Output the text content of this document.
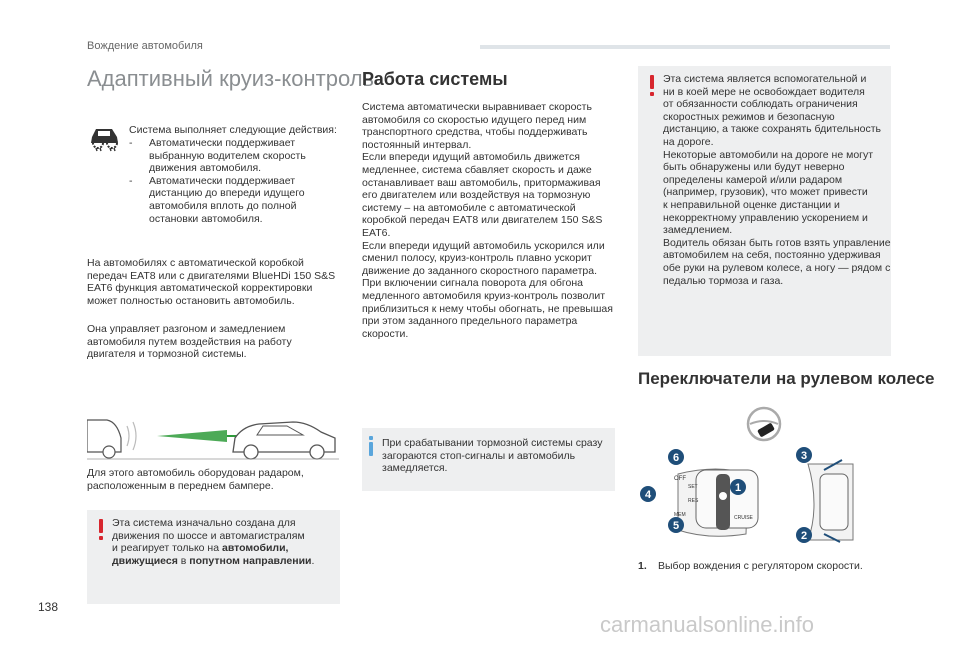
Вождение автомобиля
Адаптивный круиз-контроль
Система выполняет следующие действия:
-	Автоматически поддерживает выбранную водителем скорость движения автомобиля.
-	Автоматически поддерживает дистанцию до впереди идущего автомобиля вплоть до полной остановки автомобиля.
На автомобилях с автоматической коробкой
передач EAT8 или с двигателями BlueHDi 150 S&S
EAT6 функция автоматической корректировки
может полностью остановить автомобиль.
Она управляет разгоном и замедлением
автомобиля путем воздействия на работу
двигателя и тормозной системы.
Для этого автомобиль оборудован радаром,
расположенным в переднем бампере.
Эта система изначально создана для
движения по шоссе и автомагистралям
и реагирует только на автомобили,
движущиеся в попутном направлении.
Работа системы
Система автоматически выравнивает скорость
автомобиля со скоростью идущего перед ним
транспортного средства, чтобы поддерживать
постоянный интервал.
Если впереди идущий автомобиль движется
медленнее, система сбавляет скорость и даже
останавливает ваш автомобиль, притормаживая
его двигателем или воздействуя на тормозную
систему – на автомобиле с автоматической
коробкой передач EAT8 или двигателем 150 S&S
EAT6.
Если впереди идущий автомобиль ускорился или
сменил полосу, круиз-контроль плавно ускорит
движение до заданного скоростного параметра.
При включении сигнала поворота для обгона
медленного автомобиля круиз-контроль позволит
приблизиться к нему чтобы обогнать, не превышая
при этом заданного предельного параметра
скорости.
При срабатывании тормозной системы сразу
загораются стоп-сигналы и автомобиль
замедляется.
Эта система является вспомогательной и
ни в коей мере не освобождает водителя
от обязанности соблюдать ограничения
скоростных режимов и безопасную
дистанцию, а также сохранять бдительность
на дороге.
Некоторые автомобили на дороге не могут
быть обнаружены или будут неверно
определены камерой и/или радаром
(например, грузовик), что может привести
к неправильной оценке дистанции и
некорректному управлению ускорением и
замедлением.
Водитель обязан быть готов взять управление
автомобилем на себя, постоянно удерживая
обе руки на рулевом колесе, а ногу — рядом с
педалью тормоза и газа.
Переключатели на рулевом колесе
OFF
SET
RES
MEM	CRUISE
6
4
5
1
3
2
1.	Выбор вождения с регулятором скорости.
138
carmanualsonline.info
